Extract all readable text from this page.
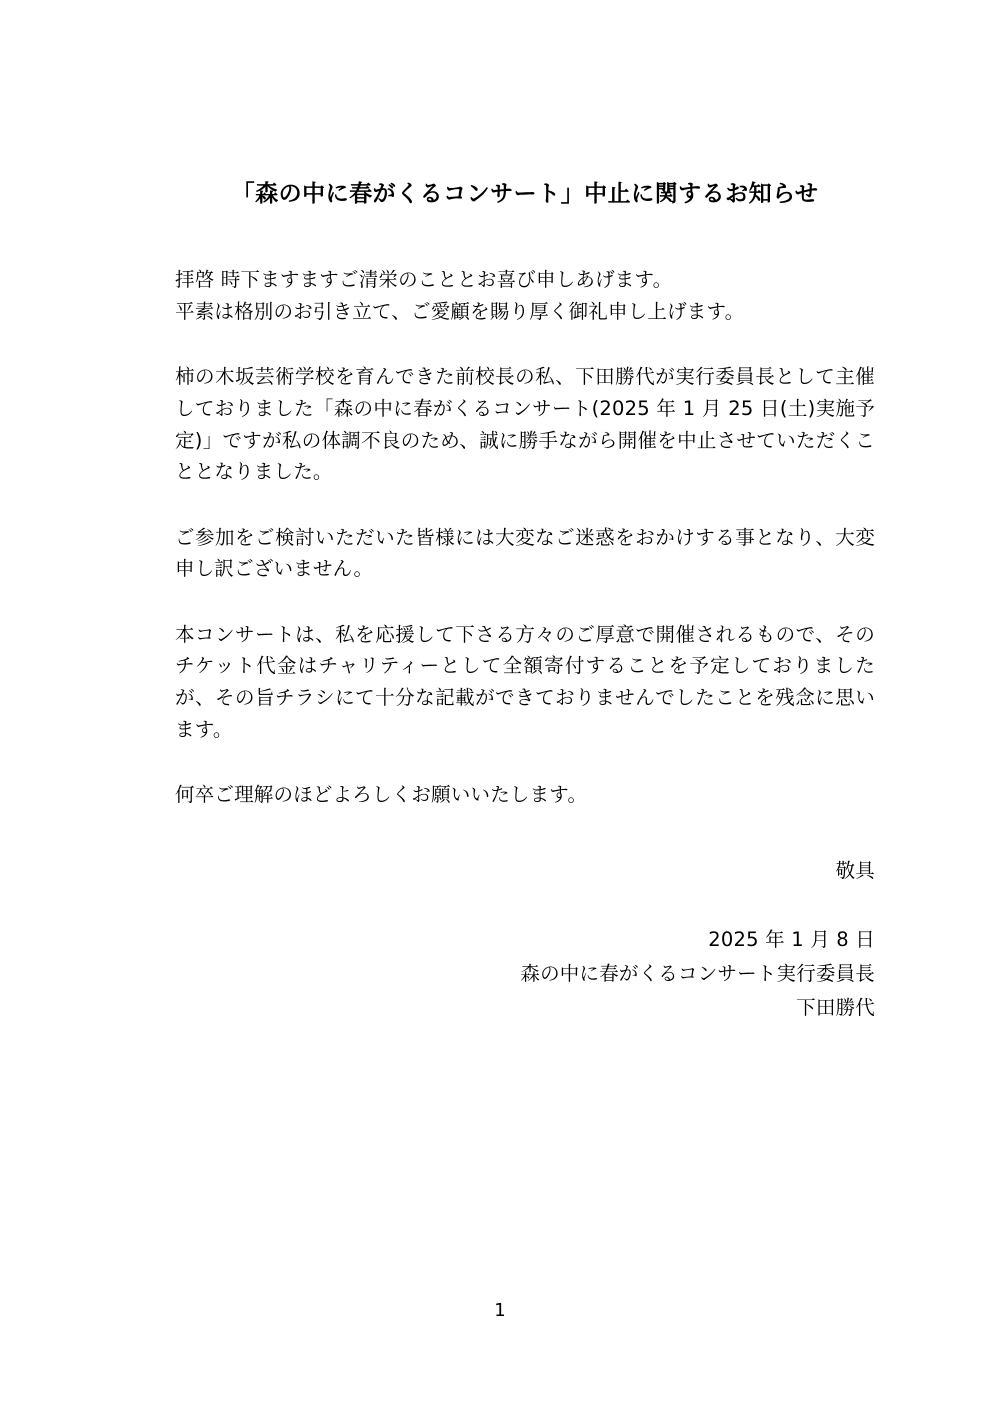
「森の中に春がくるコンサート」中止に関するお知らせ
拝啓 時下ますますご清栄のこととお喜び申しあげます。
平素は格別のお引き立て、ご愛顧を賜り厚く御礼申し上げます。

柿の木坂芸術学校を育んできた前校長の私、下田勝代が実行委員長として主催しておりました「森の中に春がくるコンサート(2025 年 1 月 25 日(土)実施予定)」ですが私の体調不良のため、誠に勝手ながら開催を中止させていただくこととなりました。

ご参加をご検討いただいた皆様には大変なご迷惑をおかけする事となり、大変申し訳ございません。

本コンサートは、私を応援して下さる方々のご厚意で開催されるもので、そのチケット代金はチャリティーとして全額寄付することを予定しておりましたが、その旨チラシにて十分な記載ができておりませんでしたことを残念に思います。

何卒ご理解のほどよろしくお願いいたします。

敬具
2025 年 1 月 8 日
森の中に春がくるコンサート実行委員長
下田勝代
1
